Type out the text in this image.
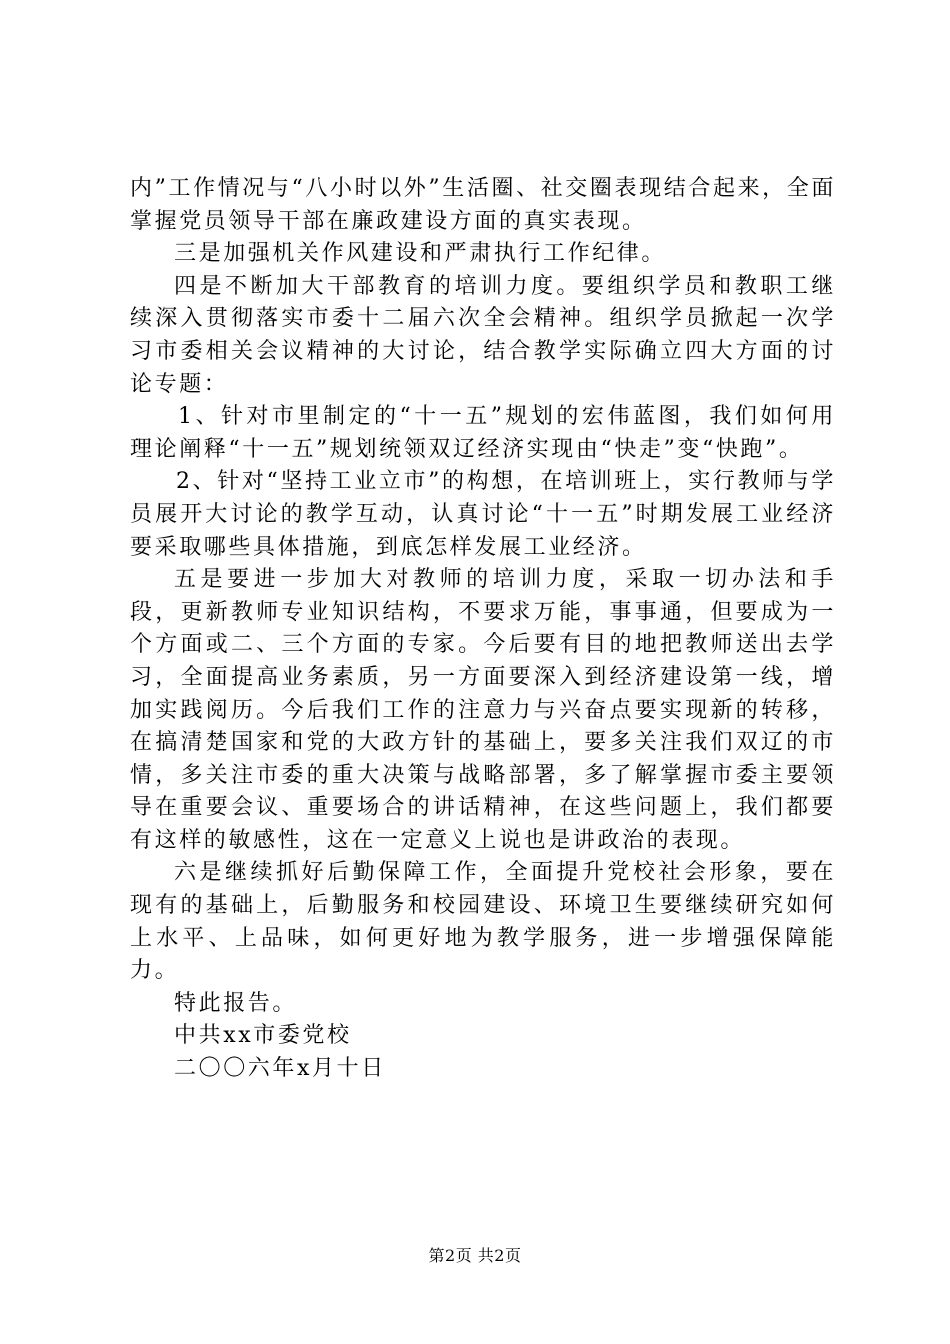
内”工作情况与“八小时以外”生活圈、社交圈表现结合起来，全面掌握党员领导干部在廉政建设方面的真实表现。

三是加强机关作风建设和严肃执行工作纪律。

四是不断加大干部教育的培训力度。要组织学员和教职工继续深入贯彻落实市委十二届六次全会精神。组织学员掀起一次学习市委相关会议精神的大讨论，结合教学实际确立四大方面的讨论专题：

1、针对市里制定的“十一五”规划的宏伟蓝图，我们如何用理论阐释“十一五”规划统领双辽经济实现由“快走”变“快跑”。

2、针对“坚持工业立市”的构想，在培训班上，实行教师与学员展开大讨论的教学互动，认真讨论“十一五”时期发展工业经济要采取哪些具体措施，到底怎样发展工业经济。

五是要进一步加大对教师的培训力度，采取一切办法和手段，更新教师专业知识结构，不要求万能，事事通，但要成为一个方面或二、三个方面的专家。今后要有目的地把教师送出去学习，全面提高业务素质，另一方面要深入到经济建设第一线，增加实践阅历。今后我们工作的注意力与兴奋点要实现新的转移，在搞清楚国家和党的大政方针的基础上，要多关注我们双辽的市情，多关注市委的重大决策与战略部署，多了解掌握市委主要领导在重要会议、重要场合的讲话精神，在这些问题上，我们都要有这样的敏感性，这在一定意义上说也是讲政治的表现。

六是继续抓好后勤保障工作，全面提升党校社会形象，要在现有的基础上，后勤服务和校园建设、环境卫生要继续研究如何上水平、上品味，如何更好地为教学服务，进一步增强保障能力。

特此报告。

中共xx市委党校

二〇〇六年x月十日

第2页 共2页
